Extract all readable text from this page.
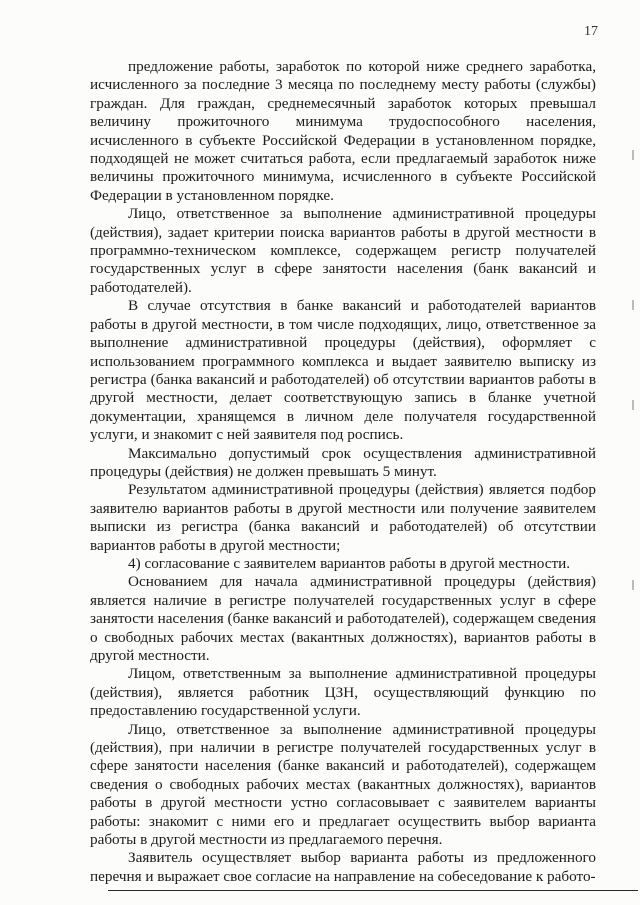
17

предложение работы, заработок по которой ниже среднего заработка, исчисленного за последние 3 месяца по последнему месту работы (службы) граждан. Для граждан, среднемесячный заработок которых превышал величину прожиточного минимума трудоспособного населения, исчисленного в субъекте Российской Федерации в установленном порядке, подходящей не может считаться работа, если предлагаемый заработок ниже величины прожиточного минимума, исчисленного в субъекте Российской Федерации в установленном порядке.

Лицо, ответственное за выполнение административной процедуры (действия), задает критерии поиска вариантов работы в другой местности в программно-техническом комплексе, содержащем регистр получателей государственных услуг в сфере занятости населения (банк вакансий и работодателей).

В случае отсутствия в банке вакансий и работодателей вариантов работы в другой местности, в том числе подходящих, лицо, ответственное за выполнение административной процедуры (действия), оформляет с использованием программного комплекса и выдает заявителю выписку из регистра (банка вакансий и работодателей) об отсутствии вариантов работы в другой местности, делает соответствующую запись в бланке учетной документации, хранящемся в личном деле получателя государственной услуги, и знакомит с ней заявителя под роспись.

Максимально допустимый срок осуществления административной процедуры (действия) не должен превышать 5 минут.

Результатом административной процедуры (действия) является подбор заявителю вариантов работы в другой местности или получение заявителем выписки из регистра (банка вакансий и работодателей) об отсутствии вариантов работы в другой местности;

4) согласование с заявителем вариантов работы в другой местности.

Основанием для начала административной процедуры (действия) является наличие в регистре получателей государственных услуг в сфере занятости населения (банке вакансий и работодателей), содержащем сведения о свободных рабочих местах (вакантных должностях), вариантов работы в другой местности.

Лицом, ответственным за выполнение административной процедуры (действия), является работник ЦЗН, осуществляющий функцию по предоставлению государственной услуги.

Лицо, ответственное за выполнение административной процедуры (действия), при наличии в регистре получателей государственных услуг в сфере занятости населения (банке вакансий и работодателей), содержащем сведения о свободных рабочих местах (вакантных должностях), вариантов работы в другой местности устно согласовывает с заявителем варианты работы: знакомит с ними его и предлагает осуществить выбор варианта работы в другой местности из предлагаемого перечня.

Заявитель осуществляет выбор варианта работы из предложенного перечня и выражает свое согласие на направление на собеседование к работо-
